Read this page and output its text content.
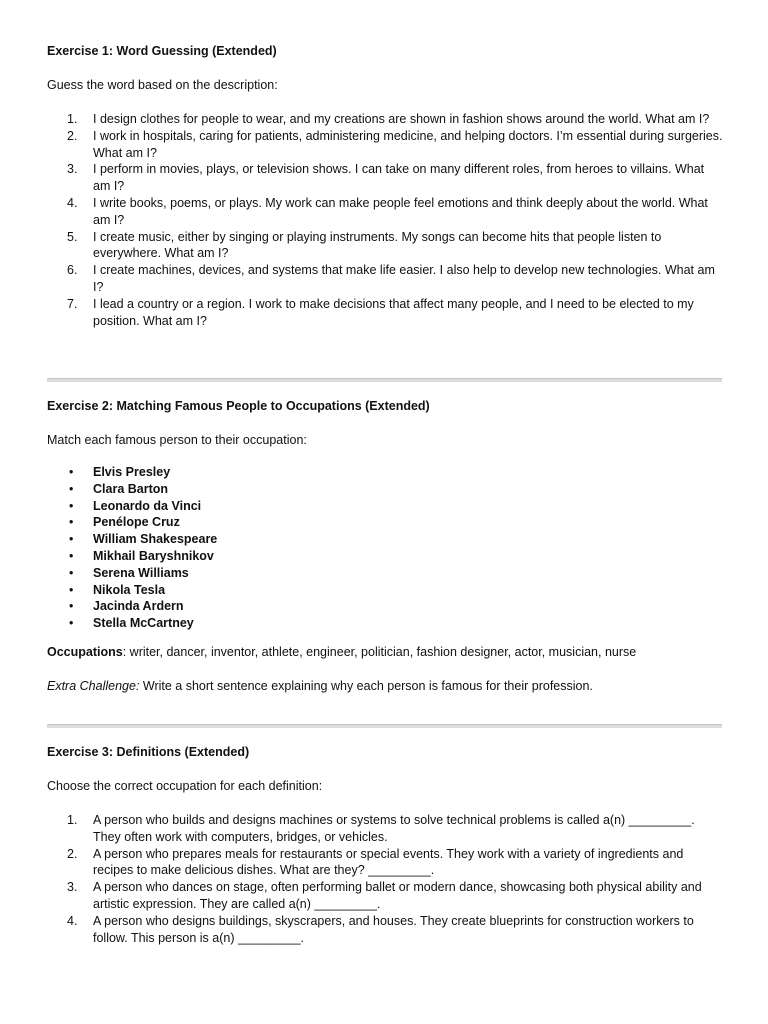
Exercise 1: Word Guessing (Extended)
Guess the word based on the description:
1. I design clothes for people to wear, and my creations are shown in fashion shows around the world. What am I?
2. I work in hospitals, caring for patients, administering medicine, and helping doctors. I’m essential during surgeries. What am I?
3. I perform in movies, plays, or television shows. I can take on many different roles, from heroes to villains. What am I?
4. I write books, poems, or plays. My work can make people feel emotions and think deeply about the world. What am I?
5. I create music, either by singing or playing instruments. My songs can become hits that people listen to everywhere. What am I?
6. I create machines, devices, and systems that make life easier. I also help to develop new technologies. What am I?
7. I lead a country or a region. I work to make decisions that affect many people, and I need to be elected to my position. What am I?
Exercise 2: Matching Famous People to Occupations (Extended)
Match each famous person to their occupation:
• Elvis Presley
• Clara Barton
• Leonardo da Vinci
• Penélope Cruz
• William Shakespeare
• Mikhail Baryshnikov
• Serena Williams
• Nikola Tesla
• Jacinda Ardern
• Stella McCartney
Occupations: writer, dancer, inventor, athlete, engineer, politician, fashion designer, actor, musician, nurse
Extra Challenge: Write a short sentence explaining why each person is famous for their profession.
Exercise 3: Definitions (Extended)
Choose the correct occupation for each definition:
1. A person who builds and designs machines or systems to solve technical problems is called a(n) _________. They often work with computers, bridges, or vehicles.
2. A person who prepares meals for restaurants or special events. They work with a variety of ingredients and recipes to make delicious dishes. What are they? _________.
3. A person who dances on stage, often performing ballet or modern dance, showcasing both physical ability and artistic expression. They are called a(n) _________.
4. A person who designs buildings, skyscrapers, and houses. They create blueprints for construction workers to follow. This person is a(n) _________.
